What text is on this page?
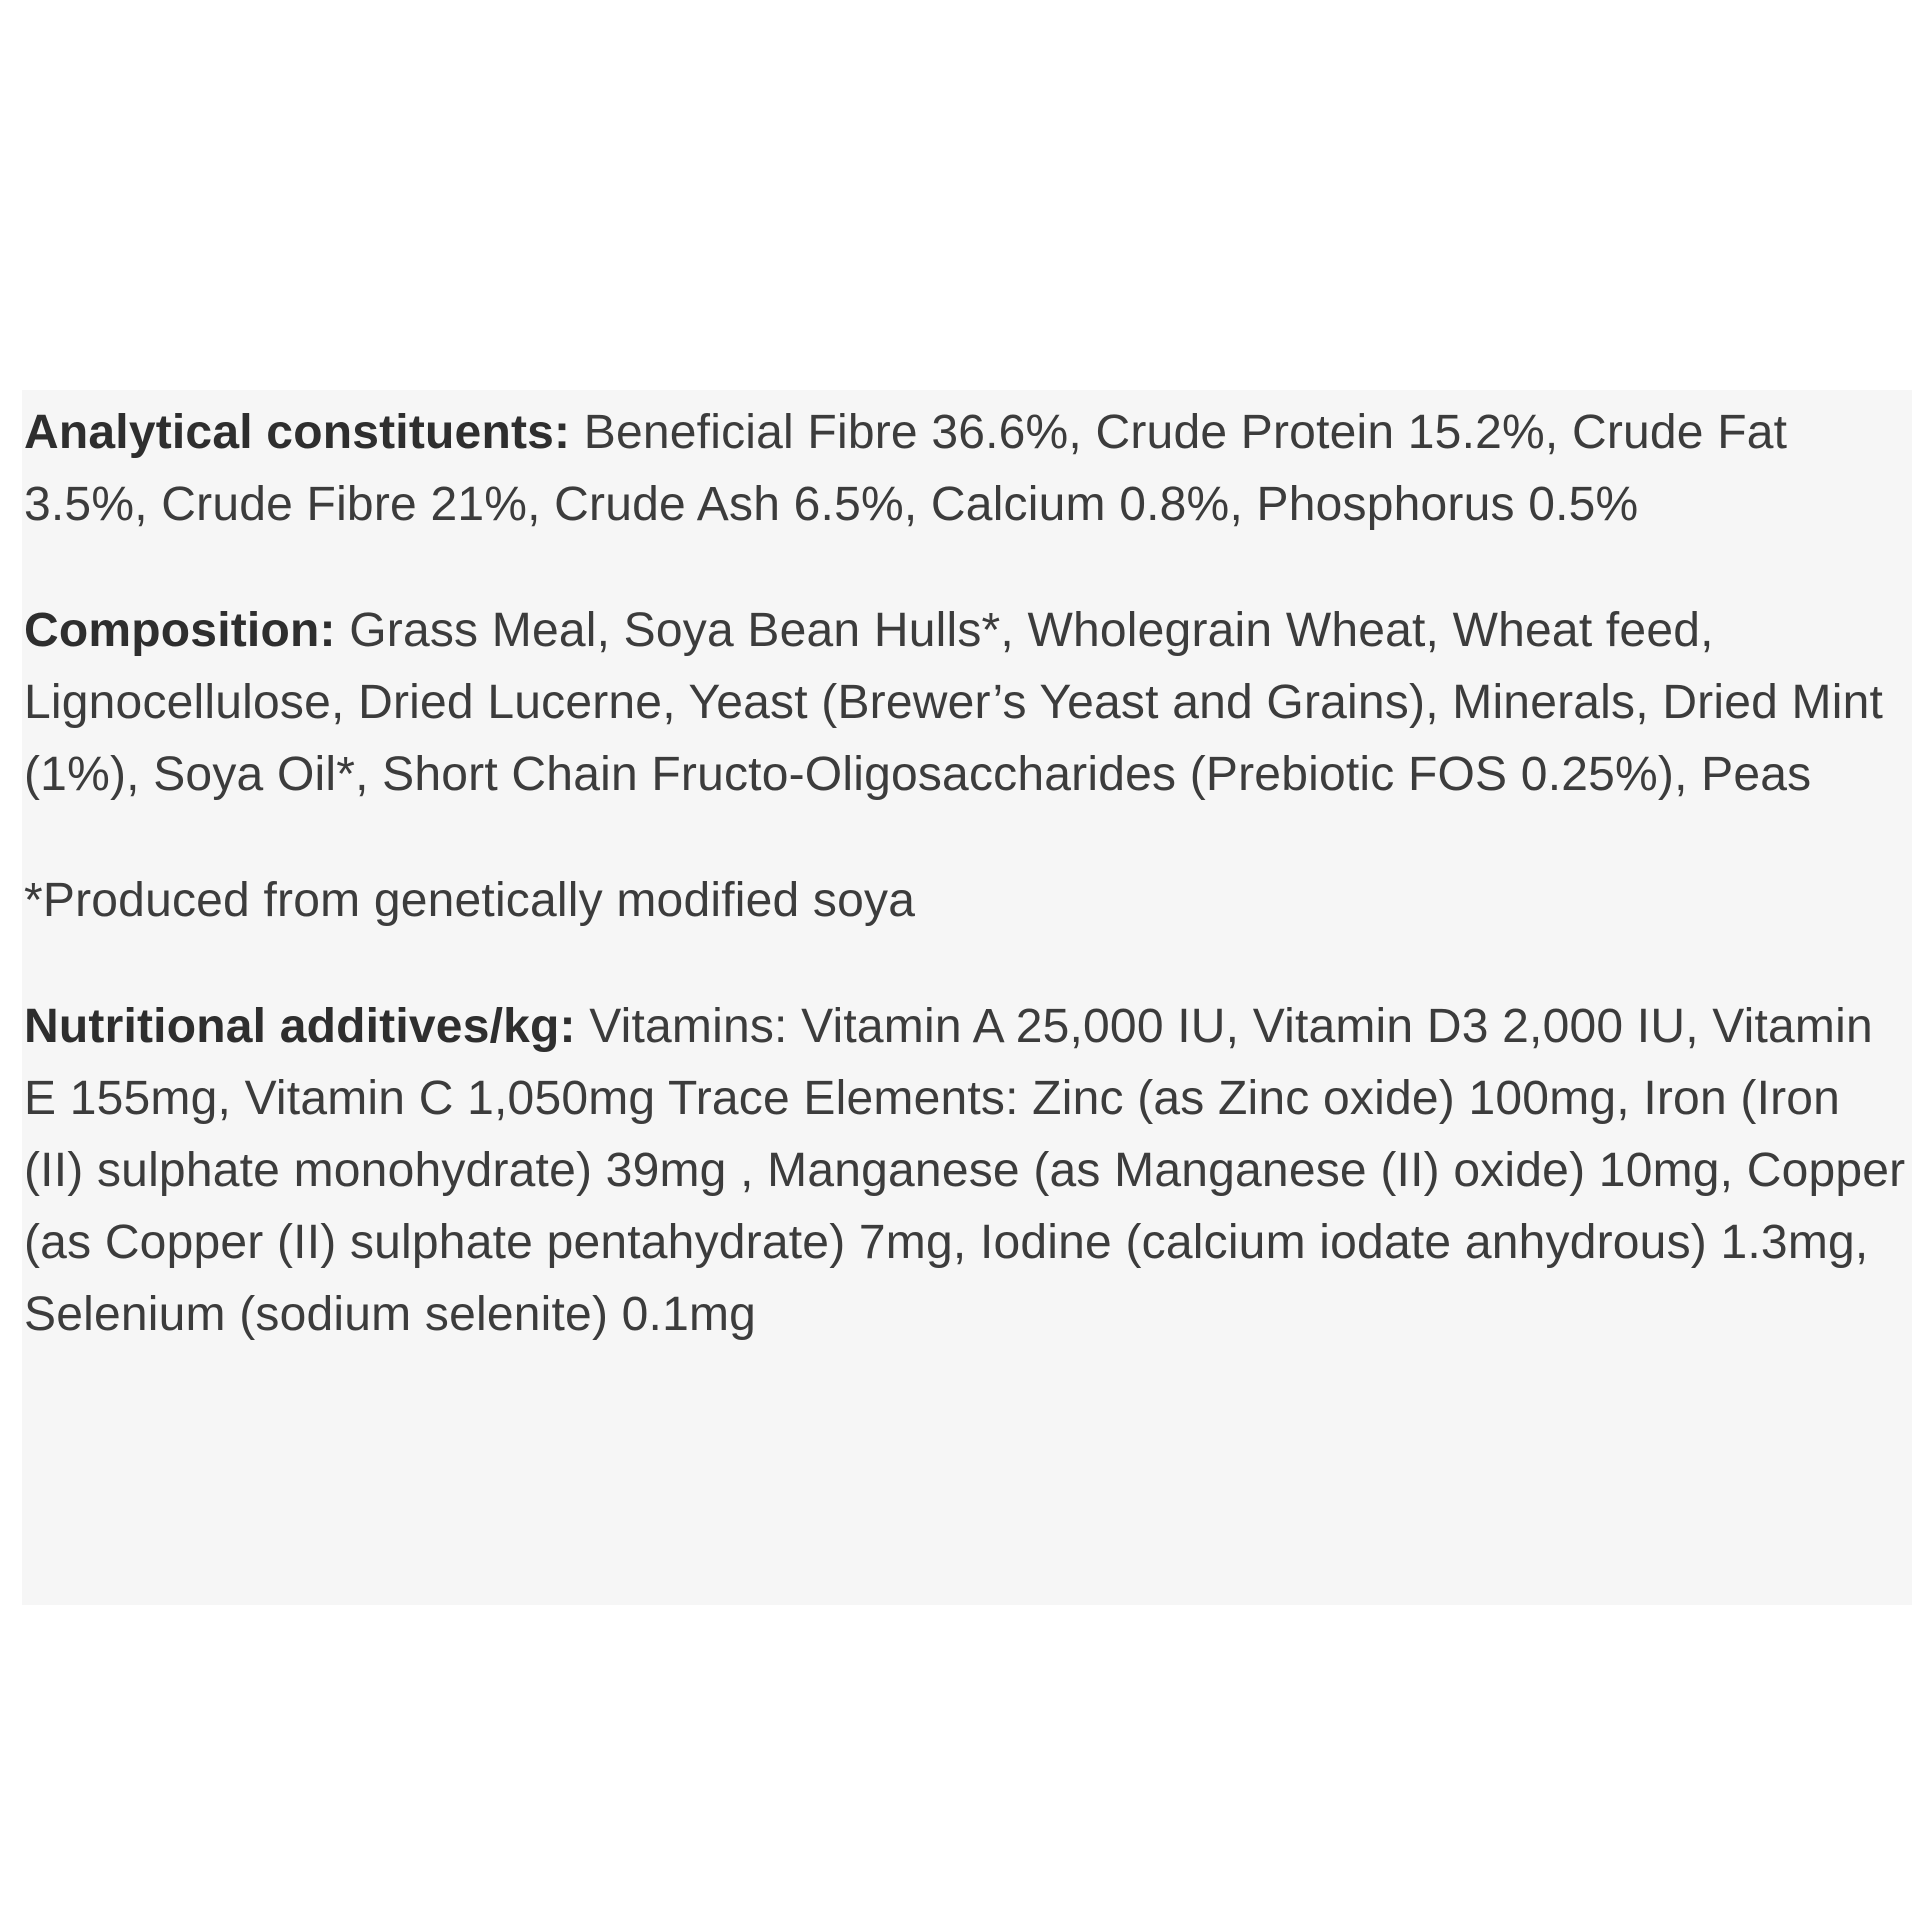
Analytical constituents: Beneficial Fibre 36.6%, Crude Protein 15.2%, Crude Fat 3.5%, Crude Fibre 21%, Crude Ash 6.5%, Calcium 0.8%, Phosphorus 0.5%

Composition: Grass Meal, Soya Bean Hulls*, Wholegrain Wheat, Wheat feed, Lignocellulose, Dried Lucerne, Yeast (Brewer’s Yeast and Grains), Minerals, Dried Mint (1%), Soya Oil*, Short Chain Fructo-Oligosaccharides (Prebiotic FOS 0.25%), Peas

*Produced from genetically modified soya

Nutritional additives/kg: Vitamins: Vitamin A 25,000 IU, Vitamin D3 2,000 IU, Vitamin E 155mg, Vitamin C 1,050mg Trace Elements: Zinc (as Zinc oxide) 100mg, Iron (Iron (II) sulphate monohydrate) 39mg , Manganese (as Manganese (II) oxide) 10mg, Copper (as Copper (II) sulphate pentahydrate) 7mg, Iodine (calcium iodate anhydrous) 1.3mg, Selenium (sodium selenite) 0.1mg
